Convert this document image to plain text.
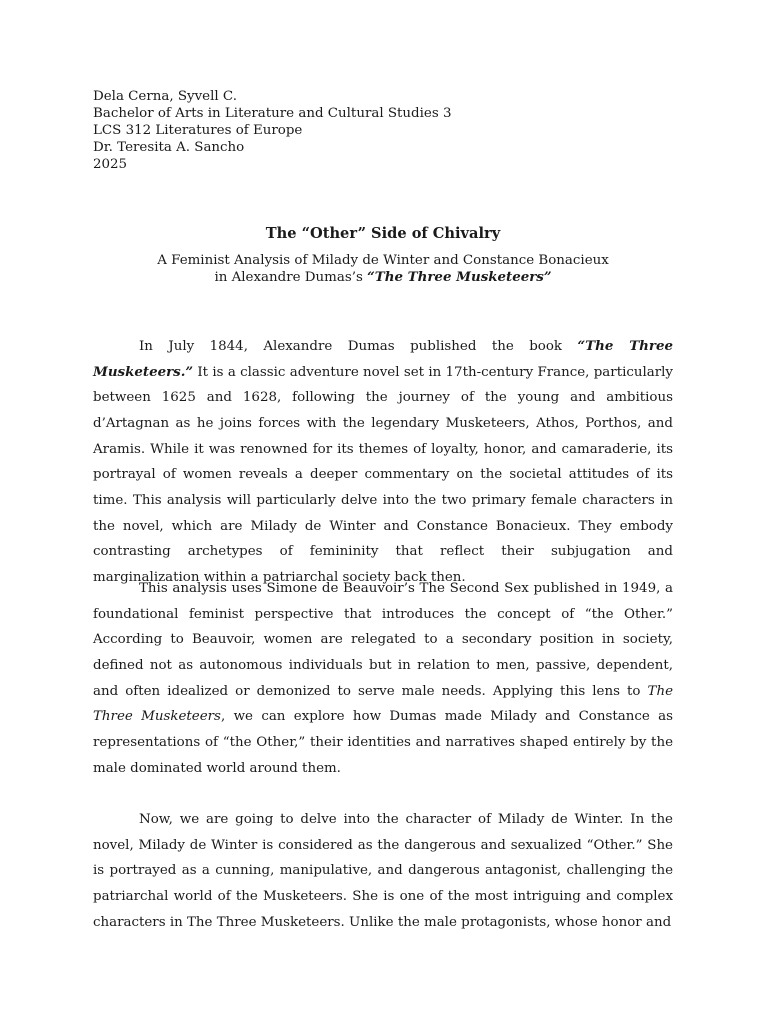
Dela Cerna, Syvell C.
Bachelor of Arts in Literature and Cultural Studies 3
LCS 312 Literatures of Europe
Dr. Teresita A. Sancho
2025
The “Other” Side of Chivalry
A Feminist Analysis of Milady de Winter and Constance Bonacieux
in Alexandre Dumas’s “The Three Musketeers”

In July 1844, Alexandre Dumas published the book “The Three Musketeers.” It is a classic adventure novel set in 17th-century France, particularly between 1625 and 1628, following the journey of the young and ambitious d’Artagnan as he joins forces with the legendary Musketeers, Athos, Porthos, and Aramis. While it was renowned for its themes of loyalty, honor, and camaraderie, its portrayal of women reveals a deeper commentary on the societal attitudes of its time. This analysis will particularly delve into the two primary female characters in the novel, which are Milady de Winter and Constance Bonacieux. They embody contrasting archetypes of femininity that reflect their subjugation and marginalization within a patriarchal society back then.

This analysis uses Simone de Beauvoir’s The Second Sex published in 1949, a foundational feminist perspective that introduces the concept of “the Other.” According to Beauvoir, women are relegated to a secondary position in society, defined not as autonomous individuals but in relation to men, passive, dependent, and often idealized or demonized to serve male needs. Applying this lens to The Three Musketeers, we can explore how Dumas made Milady and Constance as representations of “the Other,” their identities and narratives shaped entirely by the male dominated world around them.

Now, we are going to delve into the character of Milady de Winter. In the novel, Milady de Winter is considered as the dangerous and sexualized “Other.” She is portrayed as a cunning, manipulative, and dangerous antagonist, challenging the patriarchal world of the Musketeers. She is one of the most intriguing and complex characters in The Three Musketeers. Unlike the male protagonists, whose honor and
